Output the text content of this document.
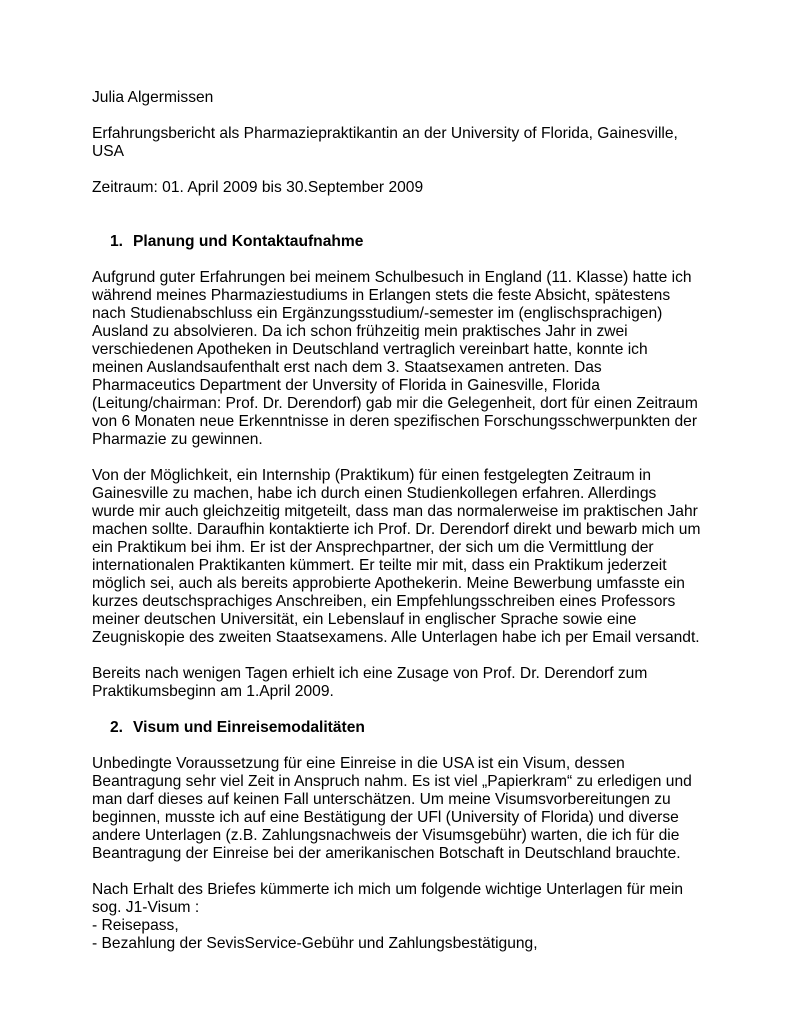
Julia Algermissen
Erfahrungsbericht als Pharmaziepraktikantin an der University of Florida, Gainesville,
USA
Zeitraum: 01. April 2009 bis 30.September 2009
1. Planung und Kontaktaufnahme
Aufgrund guter Erfahrungen bei meinem Schulbesuch in England (11. Klasse) hatte ich
während meines Pharmaziestudiums in Erlangen stets die feste Absicht, spätestens
nach Studienabschluss ein Ergänzungsstudium/-semester im (englischsprachigen)
Ausland zu absolvieren. Da ich schon frühzeitig mein praktisches Jahr in zwei
verschiedenen Apotheken in Deutschland vertraglich vereinbart hatte, konnte ich
meinen Auslandsaufenthalt erst nach dem 3. Staatsexamen antreten. Das
Pharmaceutics Department der Unversity of Florida in Gainesville, Florida
(Leitung/chairman: Prof. Dr. Derendorf) gab mir die Gelegenheit, dort für einen Zeitraum
von 6 Monaten neue Erkenntnisse in deren spezifischen Forschungsschwerpunkten der
Pharmazie zu gewinnen.
Von der Möglichkeit, ein Internship (Praktikum) für einen festgelegten Zeitraum in
Gainesville zu machen, habe ich durch einen Studienkollegen erfahren. Allerdings
wurde mir auch gleichzeitig mitgeteilt, dass man das normalerweise im praktischen Jahr
machen sollte. Daraufhin kontaktierte ich Prof. Dr. Derendorf direkt und bewarb mich um
ein Praktikum bei ihm. Er ist der Ansprechpartner, der sich um die Vermittlung der
internationalen Praktikanten kümmert. Er teilte mir mit, dass ein Praktikum jederzeit
möglich sei, auch als bereits approbierte Apothekerin. Meine Bewerbung umfasste ein
kurzes deutschsprachiges Anschreiben, ein Empfehlungsschreiben eines Professors
meiner deutschen Universität, ein Lebenslauf in englischer Sprache sowie eine
Zeugniskopie des zweiten Staatsexamens. Alle Unterlagen habe ich per Email versandt.
Bereits nach wenigen Tagen erhielt ich eine Zusage von Prof. Dr. Derendorf zum
Praktikumsbeginn am 1.April 2009.
2. Visum und Einreisemodalitäten
Unbedingte Voraussetzung für eine Einreise in die USA ist ein Visum, dessen
Beantragung sehr viel Zeit in Anspruch nahm. Es ist viel „Papierkram“ zu erledigen und
man darf dieses auf keinen Fall unterschätzen. Um meine Visumsvorbereitungen zu
beginnen, musste ich auf eine Bestätigung der UFl (University of Florida) und diverse
andere Unterlagen (z.B. Zahlungsnachweis der Visumsgebühr) warten, die ich für die
Beantragung der Einreise bei der amerikanischen Botschaft in Deutschland brauchte.
Nach Erhalt des Briefes kümmerte ich mich um folgende wichtige Unterlagen für mein
sog. J1-Visum :
- Reisepass,
- Bezahlung der SevisService-Gebühr und Zahlungsbestätigung,
